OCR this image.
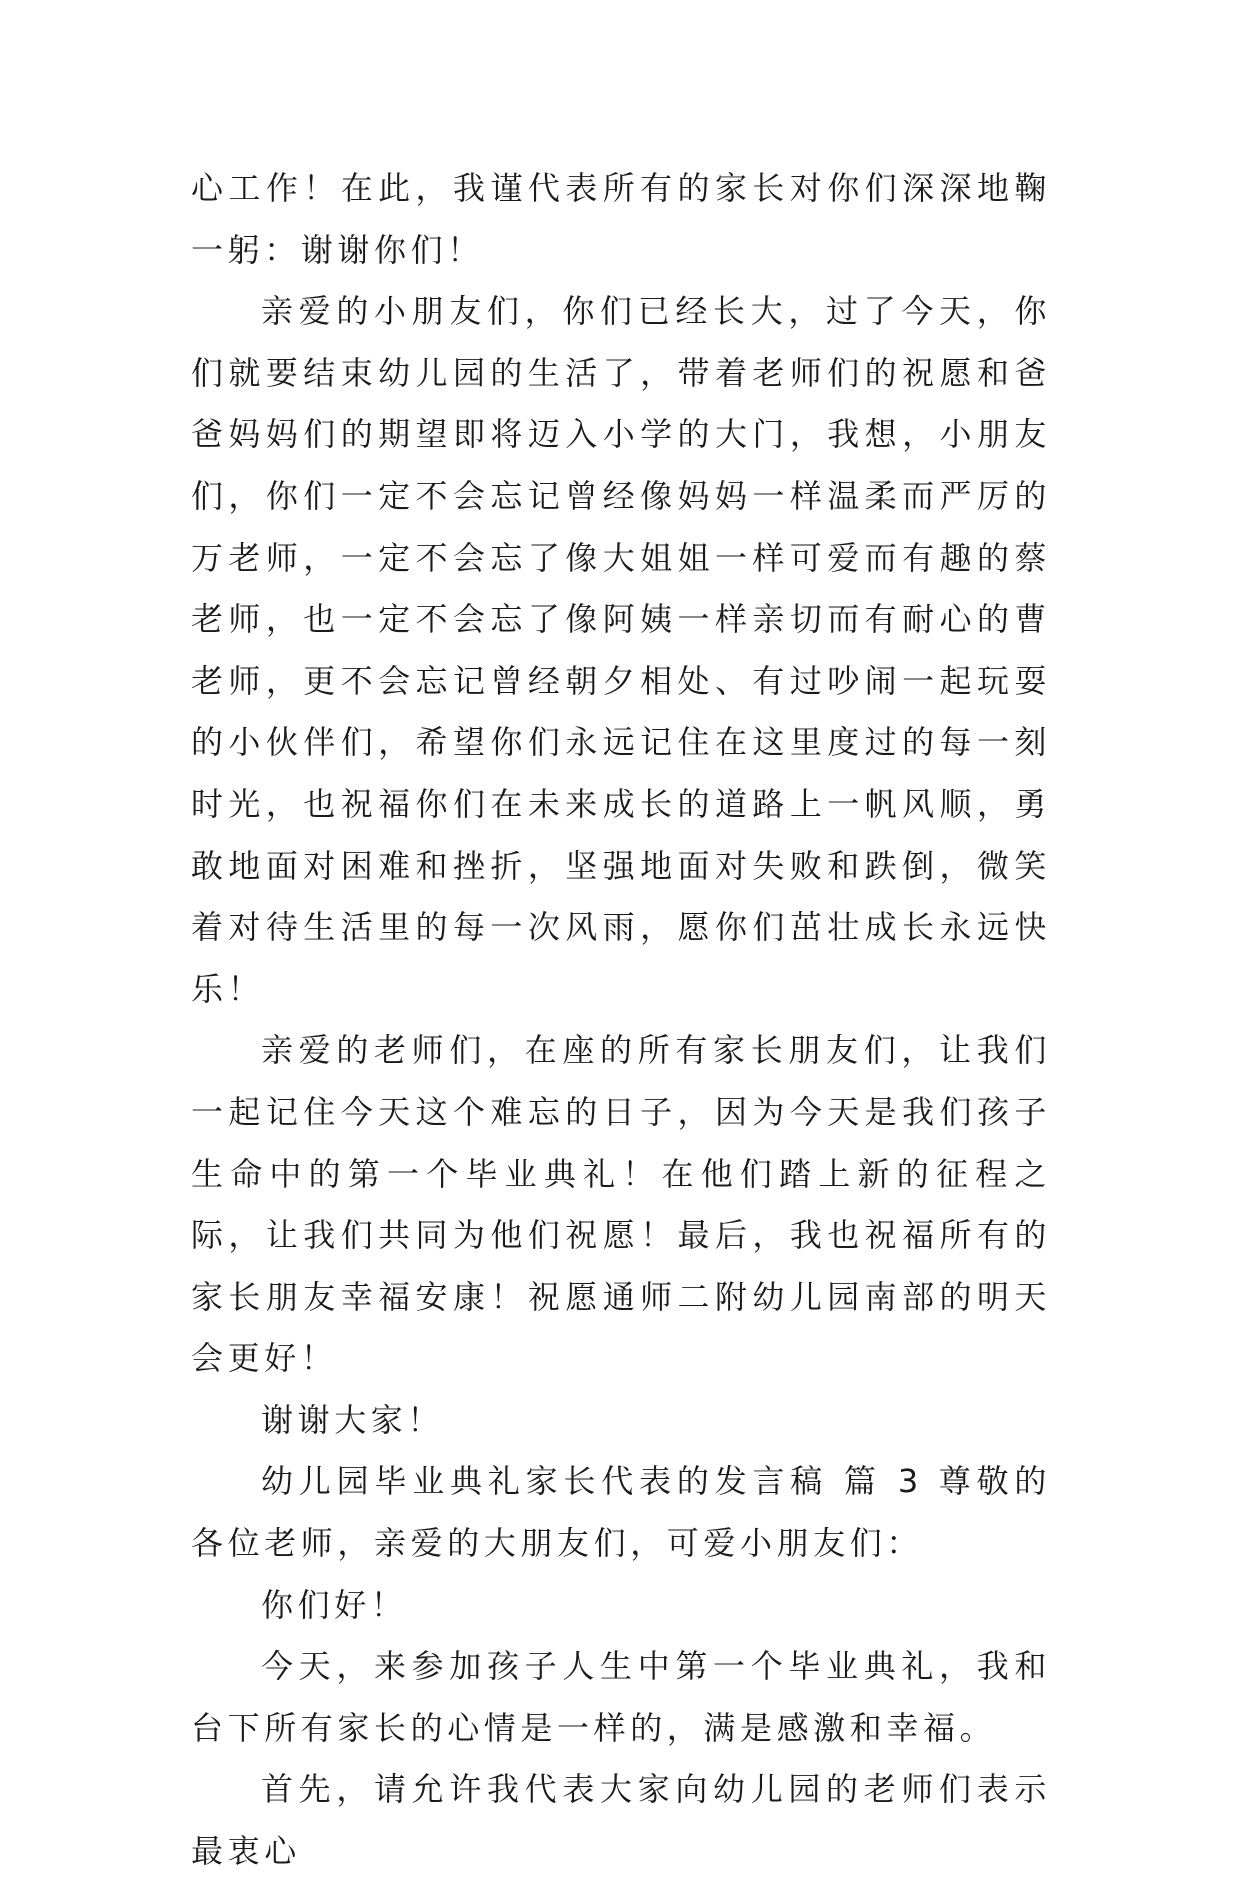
心工作！在此，我谨代表所有的家长对你们深深地鞠一躬：谢谢你们！

亲爱的小朋友们，你们已经长大，过了今天，你们就要结束幼儿园的生活了，带着老师们的祝愿和爸爸妈妈们的期望即将迈入小学的大门，我想，小朋友们，你们一定不会忘记曾经像妈妈一样温柔而严厉的万老师，一定不会忘了像大姐姐一样可爱而有趣的蔡老师，也一定不会忘了像阿姨一样亲切而有耐心的曹老师，更不会忘记曾经朝夕相处、有过吵闹一起玩耍的小伙伴们，希望你们永远记住在这里度过的每一刻时光，也祝福你们在未来成长的道路上一帆风顺，勇敢地面对困难和挫折，坚强地面对失败和跌倒，微笑着对待生活里的每一次风雨，愿你们茁壮成长永远快乐！

亲爱的老师们，在座的所有家长朋友们，让我们一起记住今天这个难忘的日子，因为今天是我们孩子生命中的第一个毕业典礼！在他们踏上新的征程之际，让我们共同为他们祝愿！最后，我也祝福所有的家长朋友幸福安康！祝愿通师二附幼儿园南部的明天会更好！

谢谢大家！

幼儿园毕业典礼家长代表的发言稿 篇 3 尊敬的各位老师，亲爱的大朋友们，可爱小朋友们：

你们好！

今天，来参加孩子人生中第一个毕业典礼，我和台下所有家长的心情是一样的，满是感激和幸福。

首先，请允许我代表大家向幼儿园的老师们表示最衷心
